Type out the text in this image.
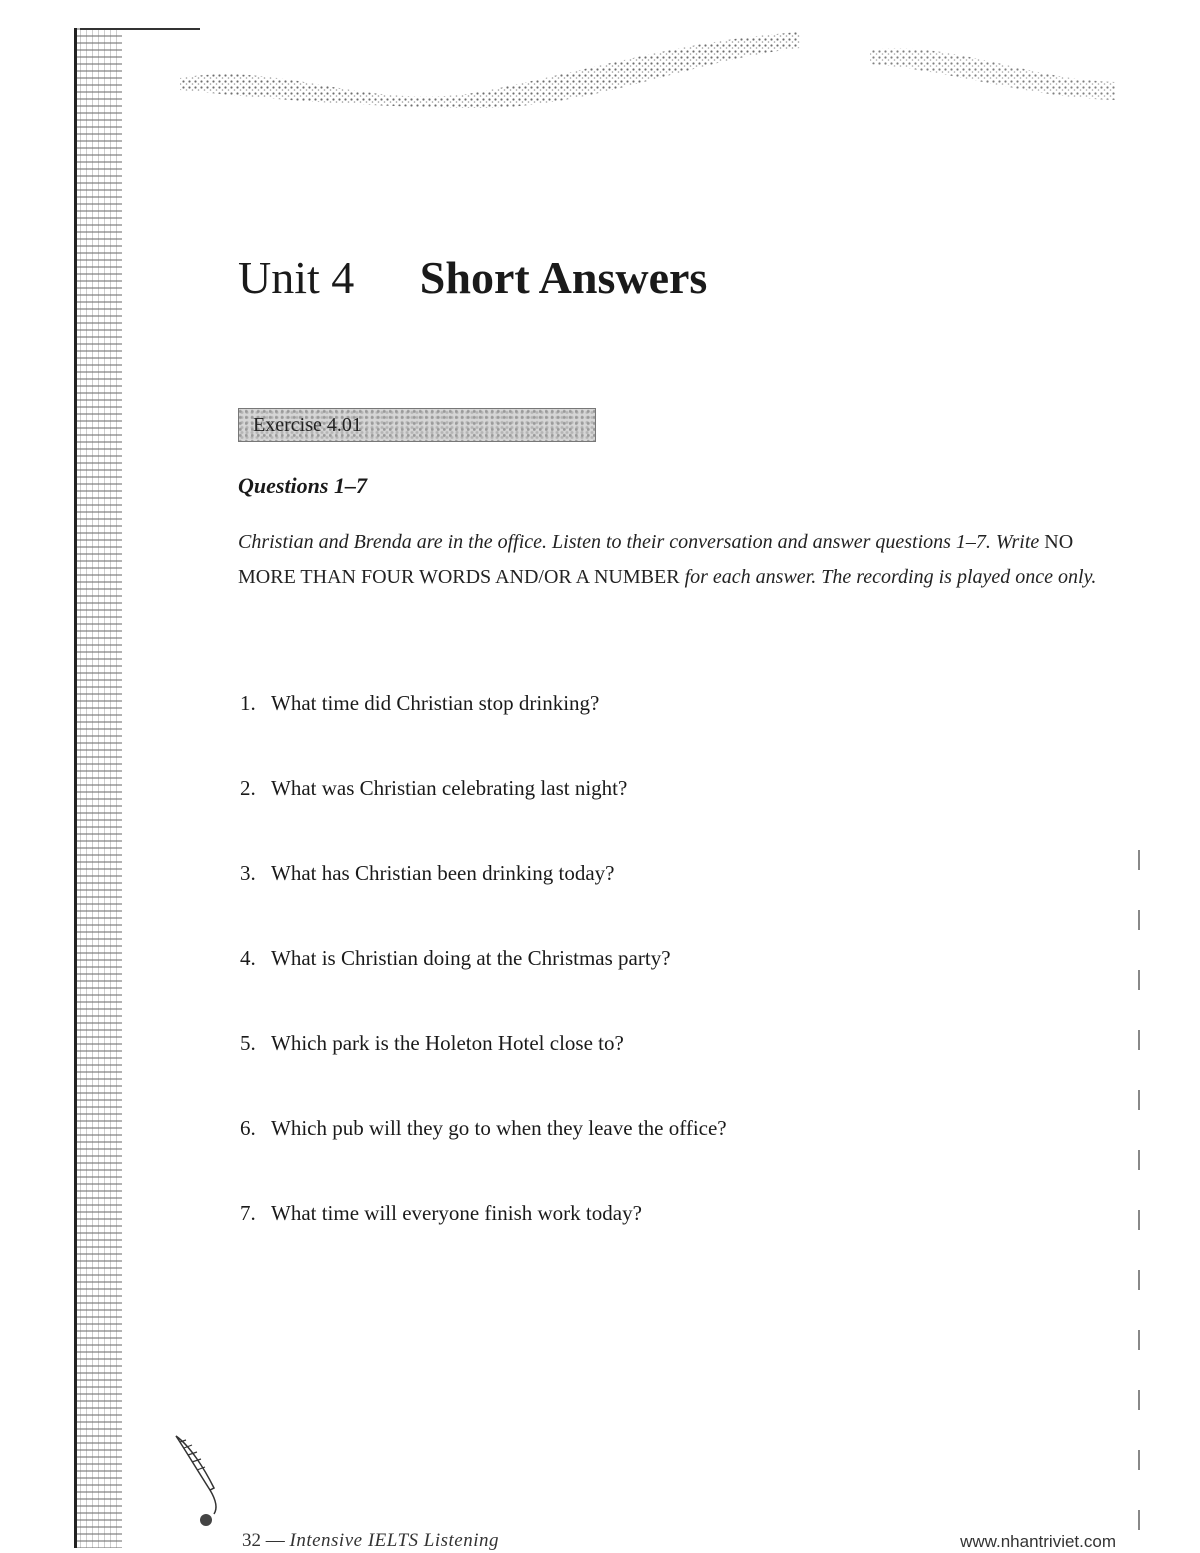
Unit 4 Short Answers
Exercise 4.01
Questions 1–7
Christian and Brenda are in the office. Listen to their conversation and answer questions 1–7. Write NO MORE THAN FOUR WORDS AND/OR A NUMBER for each answer. The recording is played once only.
1. What time did Christian stop drinking?
2. What was Christian celebrating last night?
3. What has Christian been drinking today?
4. What is Christian doing at the Christmas party?
5. Which park is the Holeton Hotel close to?
6. Which pub will they go to when they leave the office?
7. What time will everyone finish work today?
32 — Intensive IELTS Listening	www.nhantriviet.com
